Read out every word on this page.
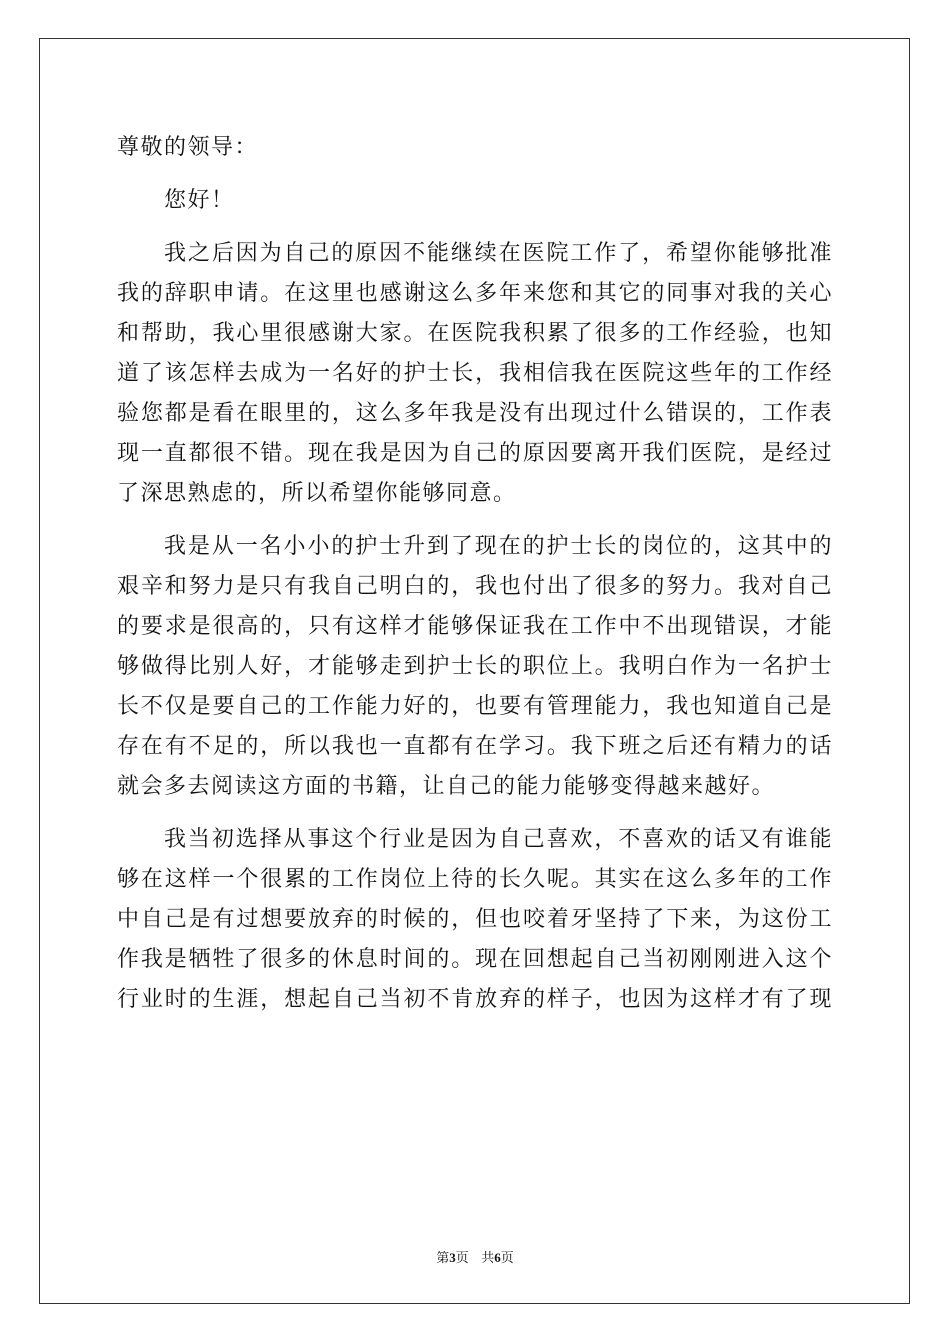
尊敬的领导：
您好！
我之后因为自己的原因不能继续在医院工作了，希望你能够批准
我的辞职申请。在这里也感谢这么多年来您和其它的同事对我的关心
和帮助，我心里很感谢大家。在医院我积累了很多的工作经验，也知
道了该怎样去成为一名好的护士长，我相信我在医院这些年的工作经
验您都是看在眼里的，这么多年我是没有出现过什么错误的，工作表
现一直都很不错。现在我是因为自己的原因要离开我们医院，是经过
了深思熟虑的，所以希望你能够同意。
我是从一名小小的护士升到了现在的护士长的岗位的，这其中的
艰辛和努力是只有我自己明白的，我也付出了很多的努力。我对自己
的要求是很高的，只有这样才能够保证我在工作中不出现错误，才能
够做得比别人好，才能够走到护士长的职位上。我明白作为一名护士
长不仅是要自己的工作能力好的，也要有管理能力，我也知道自己是
存在有不足的，所以我也一直都有在学习。我下班之后还有精力的话
就会多去阅读这方面的书籍，让自己的能力能够变得越来越好。
我当初选择从事这个行业是因为自己喜欢，不喜欢的话又有谁能
够在这样一个很累的工作岗位上待的长久呢。其实在这么多年的工作
中自己是有过想要放弃的时候的，但也咬着牙坚持了下来，为这份工
作我是牺牲了很多的休息时间的。现在回想起自己当初刚刚进入这个
行业时的生涯，想起自己当初不肯放弃的样子，也因为这样才有了现
第3页 共6页
